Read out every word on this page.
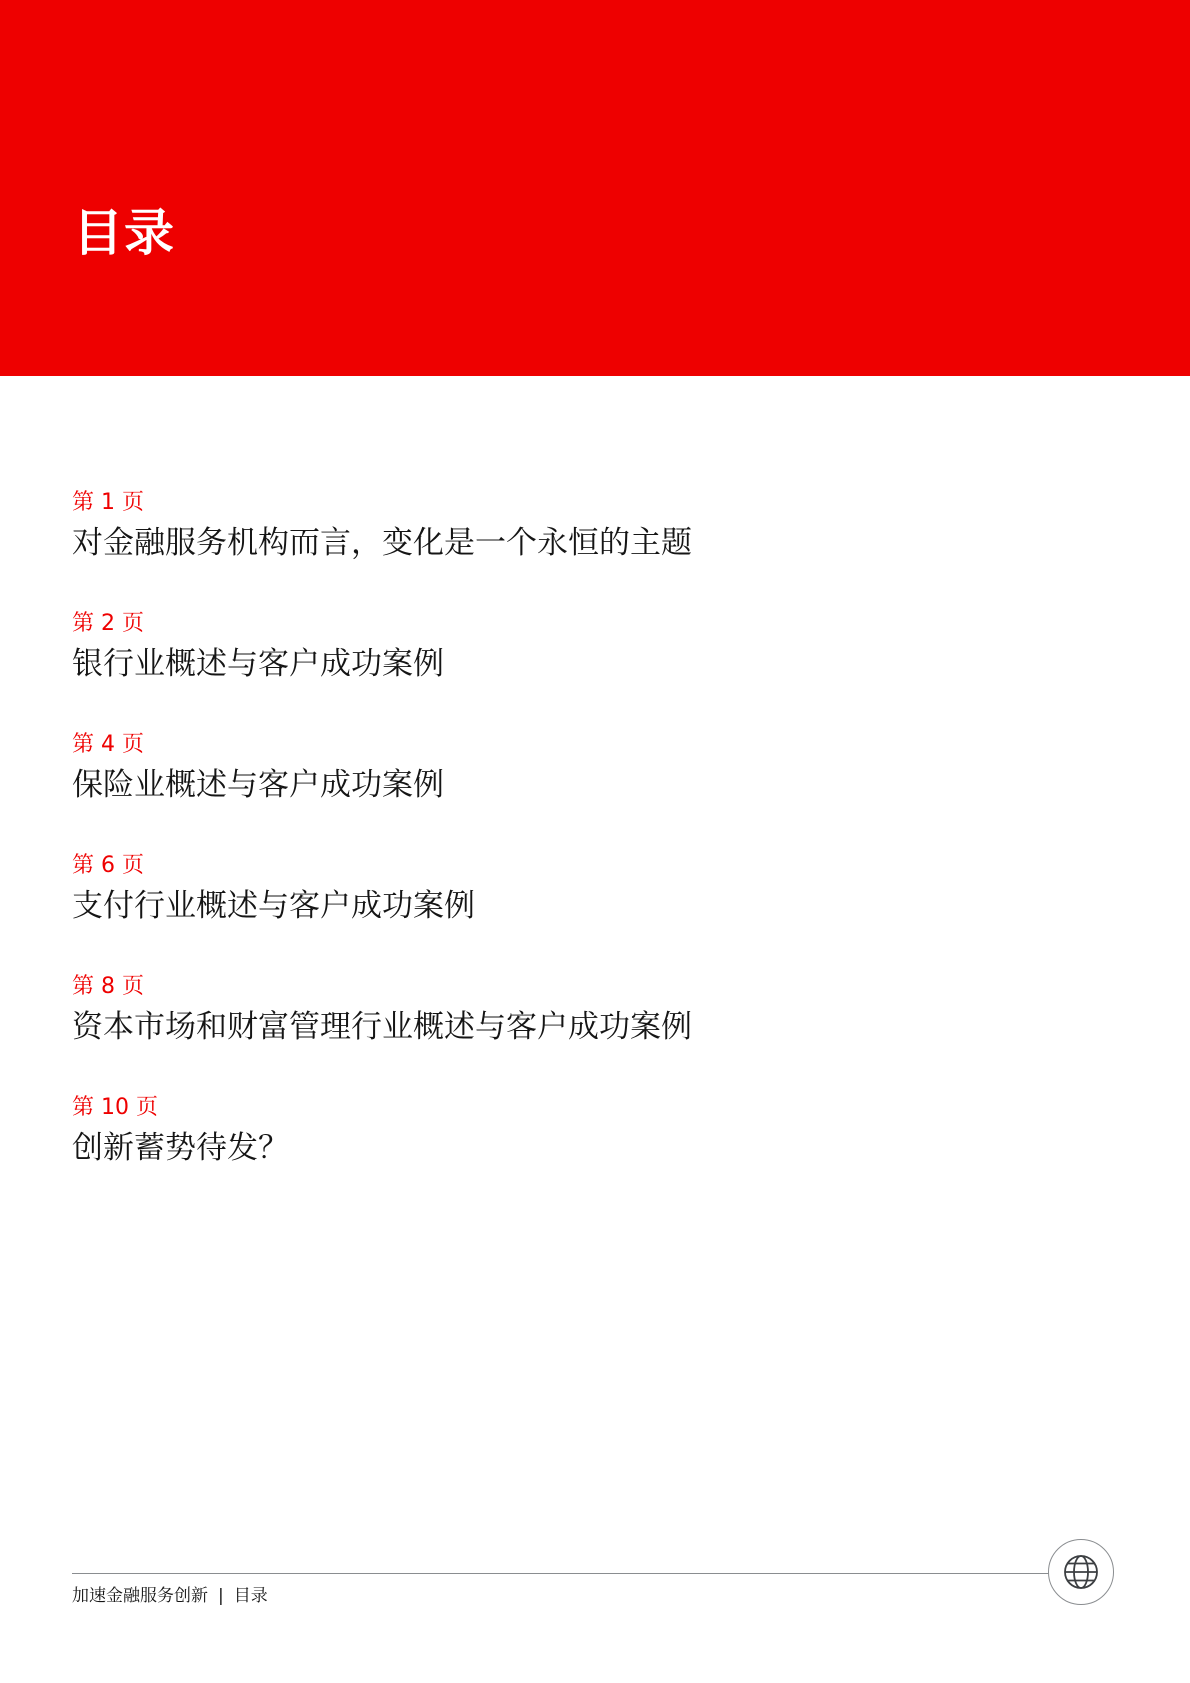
目录
第 1 页
对金融服务机构而言，变化是一个永恒的主题
第 2 页
银行业概述与客户成功案例
第 4 页
保险业概述与客户成功案例
第 6 页
支付行业概述与客户成功案例
第 8 页
资本市场和财富管理行业概述与客户成功案例
第 10 页
创新蓄势待发？
加速金融服务创新 | 目录
